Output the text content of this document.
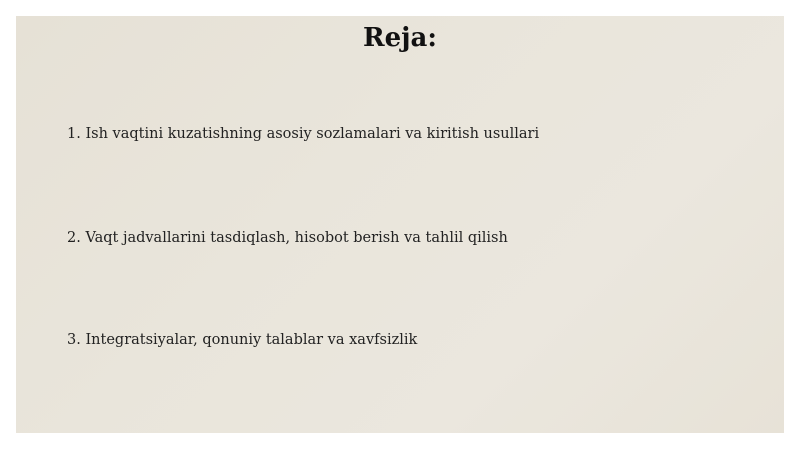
Reja:
1. Ish vaqtini kuzatishning asosiy sozlamalari va kiritish usullari
2. Vaqt jadvallarini tasdiqlash, hisobot berish va tahlil qilish
3. Integratsiyalar, qonuniy talablar va xavfsizlik
